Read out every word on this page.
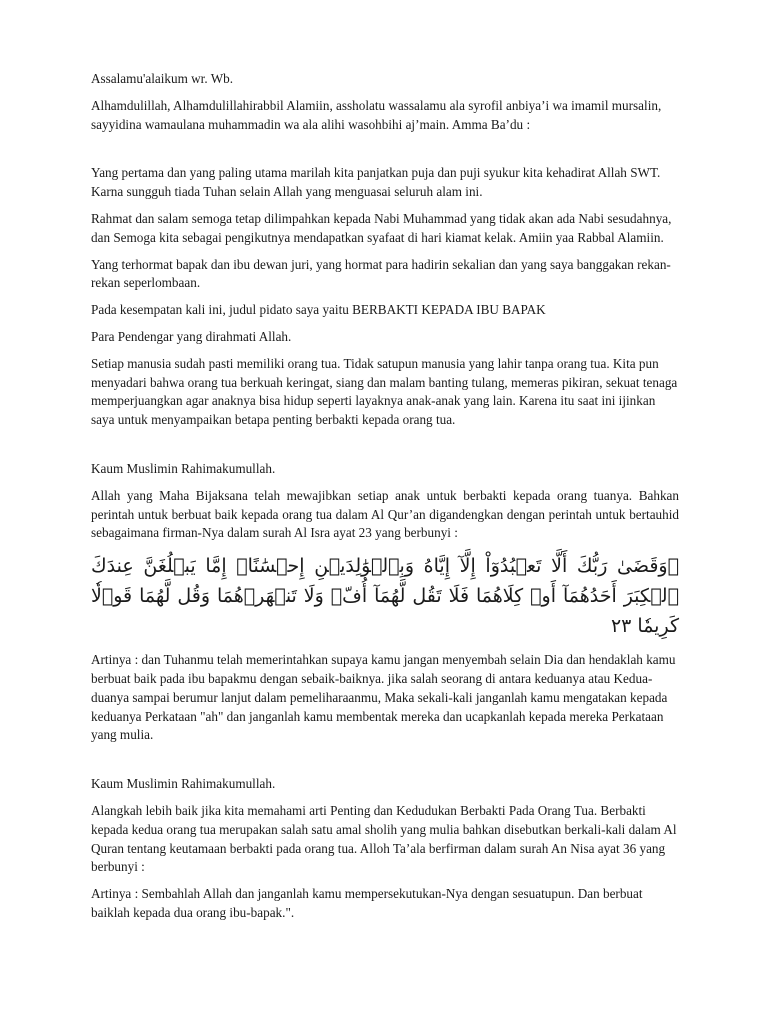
Assalamu'alaikum wr. Wb.

Alhamdulillah, Alhamdulillahirabbil Alamiin, assholatu wassalamu ala syrofil anbiya’i wa imamil mursalin, sayyidina wamaulana muhammadin wa ala alihi wasohbihi aj’main. Amma Ba’du :

Yang pertama dan yang paling utama marilah kita panjatkan puja dan puji syukur kita kehadirat Allah SWT. Karna sungguh tiada Tuhan selain Allah yang menguasai seluruh alam ini.

Rahmat dan salam semoga tetap dilimpahkan kepada Nabi Muhammad yang tidak akan ada Nabi sesudahnya, dan Semoga kita sebagai pengikutnya mendapatkan syafaat di hari kiamat kelak. Amiin yaa Rabbal Alamiin.

Yang terhormat bapak dan ibu dewan juri, yang hormat para hadirin sekalian dan yang saya banggakan rekan-rekan seperlombaan.

Pada kesempatan kali ini, judul pidato saya yaitu BERBAKTI KEPADA IBU BAPAK

Para Pendengar yang dirahmati Allah.

Setiap manusia sudah pasti memiliki orang tua. Tidak satupun manusia yang lahir tanpa orang tua. Kita pun menyadari bahwa orang tua berkuah keringat, siang dan malam banting tulang, memeras pikiran, sekuat tenaga memperjuangkan agar anaknya bisa hidup seperti layaknya anak-anak yang lain. Karena itu saat ini ijinkan saya untuk menyampaikan betapa penting berbakti kepada orang tua.

Kaum Muslimin Rahimakumullah.

Allah yang Maha Bijaksana telah mewajibkan setiap anak untuk berbakti kepada orang tuanya. Bahkan perintah untuk berbuat baik kepada orang tua dalam Al Qur’an digandengkan dengan perintah untuk bertauhid sebagaimana firman-Nya dalam surah Al Isra ayat 23 yang berbunyi :

۞وَقَضَىٰ رَبُّكَ أَلَّا تَعۡبُدُوٓاْ إِلَّآ إِيَّاهُ وَبِٱلۡوَٰلِدَيۡنِ إِحۡسَٰنًاۚ إِمَّا يَبۡلُغَنَّ عِندَكَ ٱلۡكِبَرَ أَحَدُهُمَآ أَوۡ كِلَاهُمَا فَلَا تَقُل لَّهُمَآ أُفّٖ وَلَا تَنۡهَرۡهُمَا وَقُل لَّهُمَا قَوۡلٗا كَرِيمٗا ٢٣

Artinya : dan Tuhanmu telah memerintahkan supaya kamu jangan menyembah selain Dia dan hendaklah kamu berbuat baik pada ibu bapakmu dengan sebaik-baiknya. jika salah seorang di antara keduanya atau Kedua-duanya sampai berumur lanjut dalam pemeliharaanmu, Maka sekali-kali janganlah kamu mengatakan kepada keduanya Perkataan "ah" dan janganlah kamu membentak mereka dan ucapkanlah kepada mereka Perkataan yang mulia.

Kaum Muslimin Rahimakumullah.

Alangkah lebih baik jika kita memahami arti Penting dan Kedudukan Berbakti Pada Orang Tua. Berbakti kepada kedua orang tua merupakan salah satu amal sholih yang mulia bahkan disebutkan berkali-kali dalam Al Quran tentang keutamaan berbakti pada orang tua. Alloh Ta’ala berfirman dalam surah An Nisa ayat 36 yang berbunyi :

Artinya : Sembahlah Allah dan janganlah kamu mempersekutukan-Nya dengan sesuatupun. Dan berbuat baiklah kepada dua orang ibu-bapak.".
